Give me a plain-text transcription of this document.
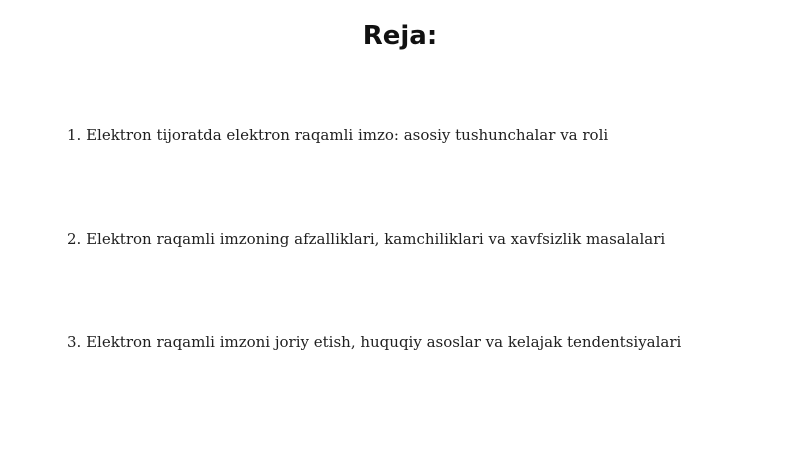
Reja:
1. Elektron tijoratda elektron raqamli imzo: asosiy tushunchalar va roli
2. Elektron raqamli imzoning afzalliklari, kamchiliklari va xavfsizlik masalalari
3. Elektron raqamli imzoni joriy etish, huquqiy asoslar va kelajak tendentsiyalari
